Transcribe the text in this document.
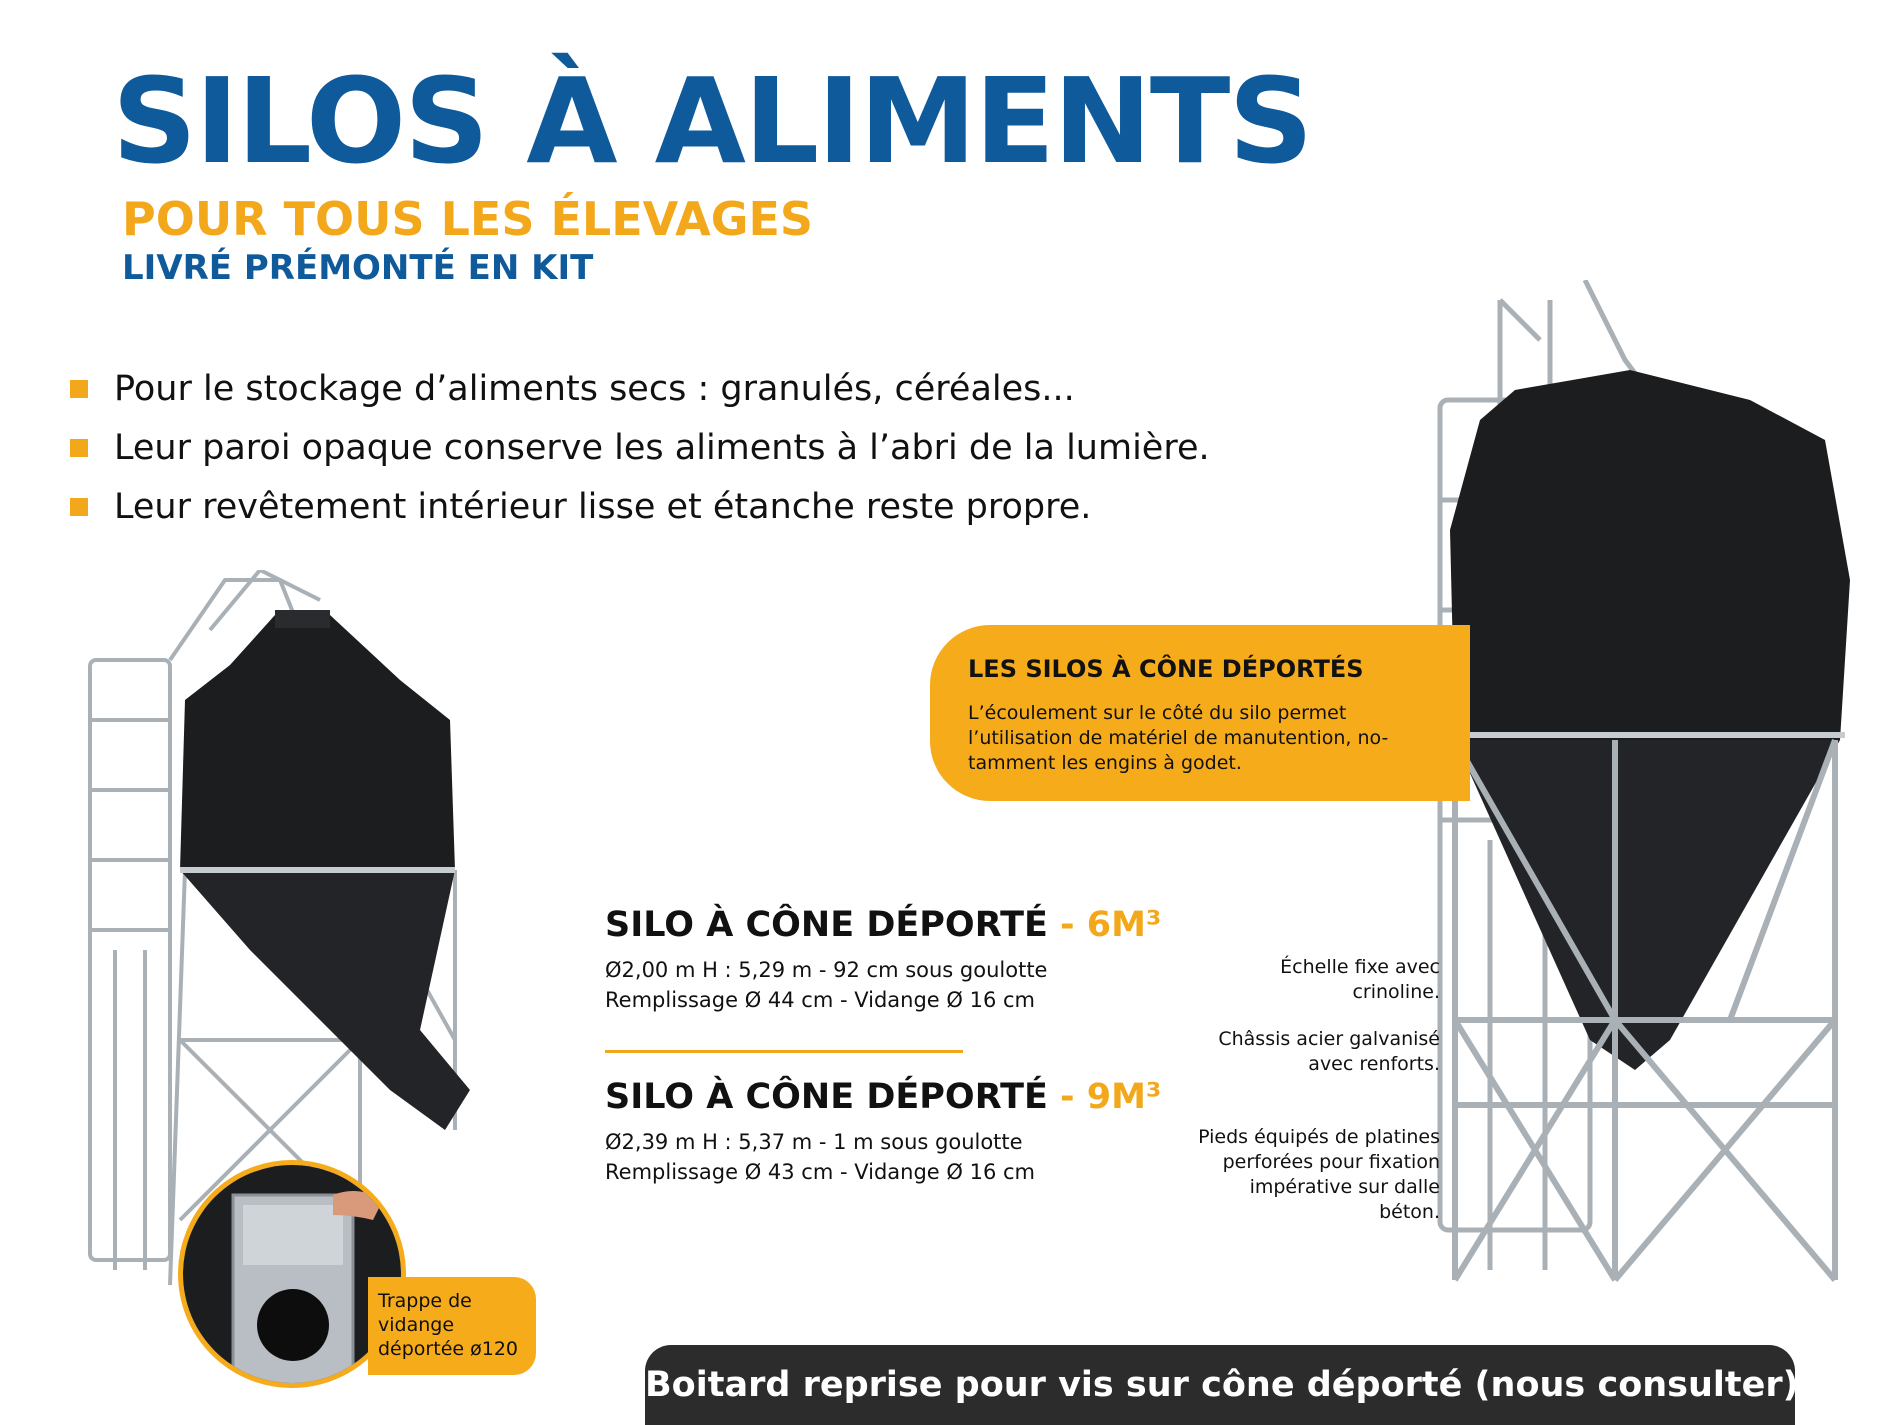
SILOS À ALIMENTS
POUR TOUS LES ÉLEVAGES
LIVRÉ PRÉMONTÉ EN KIT
Pour le stockage d’aliments secs : granulés, céréales...
Leur paroi opaque conserve les aliments à l’abri de la lumière.
Leur revêtement intérieur lisse et étanche reste propre.
Trappe de vidange déportée ø120
LES SILOS À CÔNE DÉPORTÉS
L’écoulement sur le côté du silo permet l’utilisation de matériel de manutention, no-tamment les engins à godet.
SILO À CÔNE DÉPORTÉ - 6M³
Ø2,00 m H : 5,29 m - 92 cm sous goulotte
Remplissage Ø 44 cm - Vidange Ø 16 cm
SILO À CÔNE DÉPORTÉ - 9M³
Ø2,39 m H : 5,37 m - 1 m sous goulotte
Remplissage Ø 43 cm - Vidange Ø 16 cm
Échelle fixe avec crinoline.
Châssis acier galvanisé avec renforts.
Pieds équipés de platines perforées pour fixation impérative sur dalle béton.
Boitard reprise pour vis sur cône déporté (nous consulter)
